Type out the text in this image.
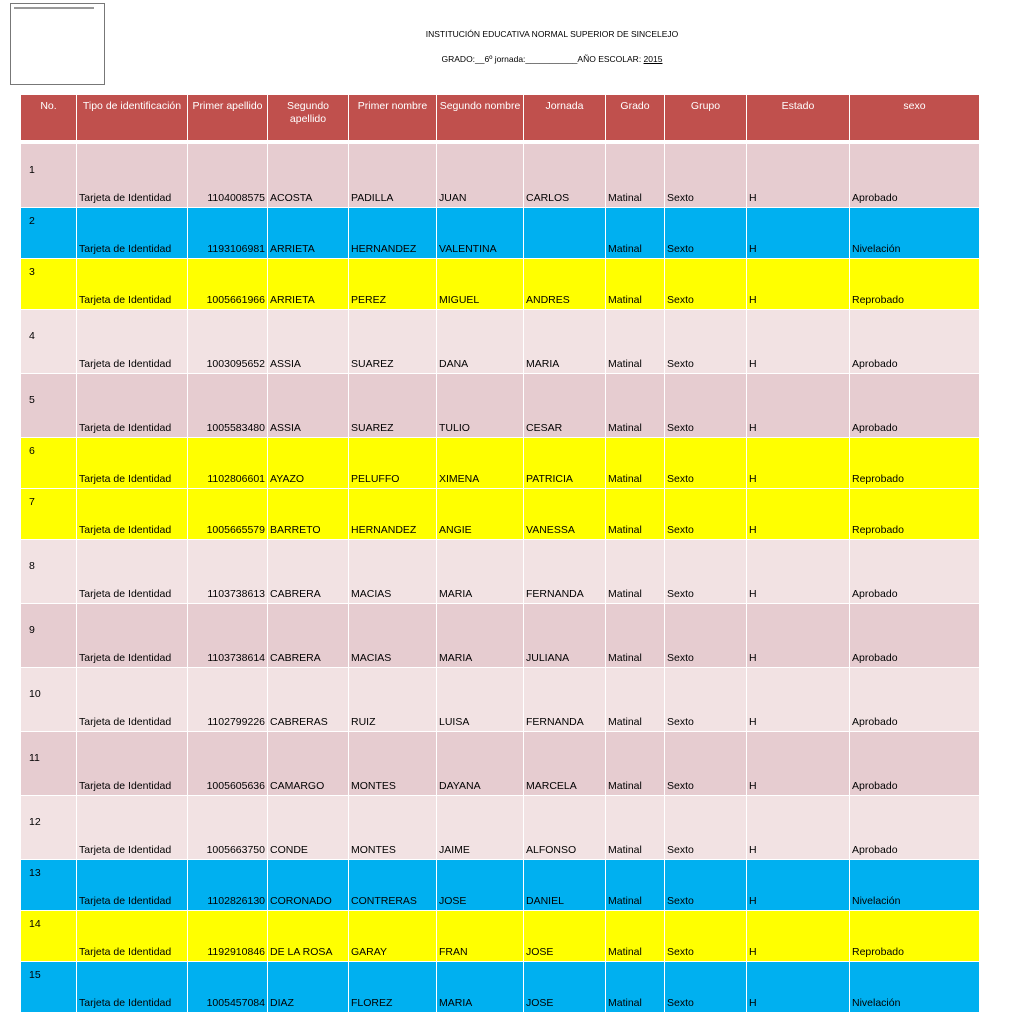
INSTITUCIÓN EDUCATIVA NORMAL SUPERIOR DE SINCELEJO
GRADO:__6º jornada:___________AÑO ESCOLAR: 2015
No.	Tipo de identificación	Primer apellido	Segundo apellido	Primer nombre	Segundo nombre	Jornada	Grado	Grupo	Estado	sexo

1	Tarjeta de Identidad	1104008575	ACOSTA	PADILLA	JUAN	CARLOS	Matinal	Sexto	H	Aprobado
2	Tarjeta de Identidad	1193106981	ARRIETA	HERNANDEZ	VALENTINA		Matinal	Sexto	H	Nivelación
3	Tarjeta de Identidad	1005661966	ARRIETA	PEREZ	MIGUEL	ANDRES	Matinal	Sexto	H	Reprobado
4	Tarjeta de Identidad	1003095652	ASSIA	SUAREZ	DANA	MARIA	Matinal	Sexto	H	Aprobado
5	Tarjeta de Identidad	1005583480	ASSIA	SUAREZ	TULIO	CESAR	Matinal	Sexto	H	Aprobado
6	Tarjeta de Identidad	1102806601	AYAZO	PELUFFO	XIMENA	PATRICIA	Matinal	Sexto	H	Reprobado
7	Tarjeta de Identidad	1005665579	BARRETO	HERNANDEZ	ANGIE	VANESSA	Matinal	Sexto	H	Reprobado
8	Tarjeta de Identidad	1103738613	CABRERA	MACIAS	MARIA	FERNANDA	Matinal	Sexto	H	Aprobado
9	Tarjeta de Identidad	1103738614	CABRERA	MACIAS	MARIA	JULIANA	Matinal	Sexto	H	Aprobado
10	Tarjeta de Identidad	1102799226	CABRERAS	RUIZ	LUISA	FERNANDA	Matinal	Sexto	H	Aprobado
11	Tarjeta de Identidad	1005605636	CAMARGO	MONTES	DAYANA	MARCELA	Matinal	Sexto	H	Aprobado
12	Tarjeta de Identidad	1005663750	CONDE	MONTES	JAIME	ALFONSO	Matinal	Sexto	H	Aprobado
13	Tarjeta de Identidad	1102826130	CORONADO	CONTRERAS	JOSE	DANIEL	Matinal	Sexto	H	Nivelación
14	Tarjeta de Identidad	1192910846	DE LA ROSA	GARAY	FRAN	JOSE	Matinal	Sexto	H	Reprobado
15	Tarjeta de Identidad	1005457084	DIAZ	FLOREZ	MARIA	JOSE	Matinal	Sexto	H	Nivelación
